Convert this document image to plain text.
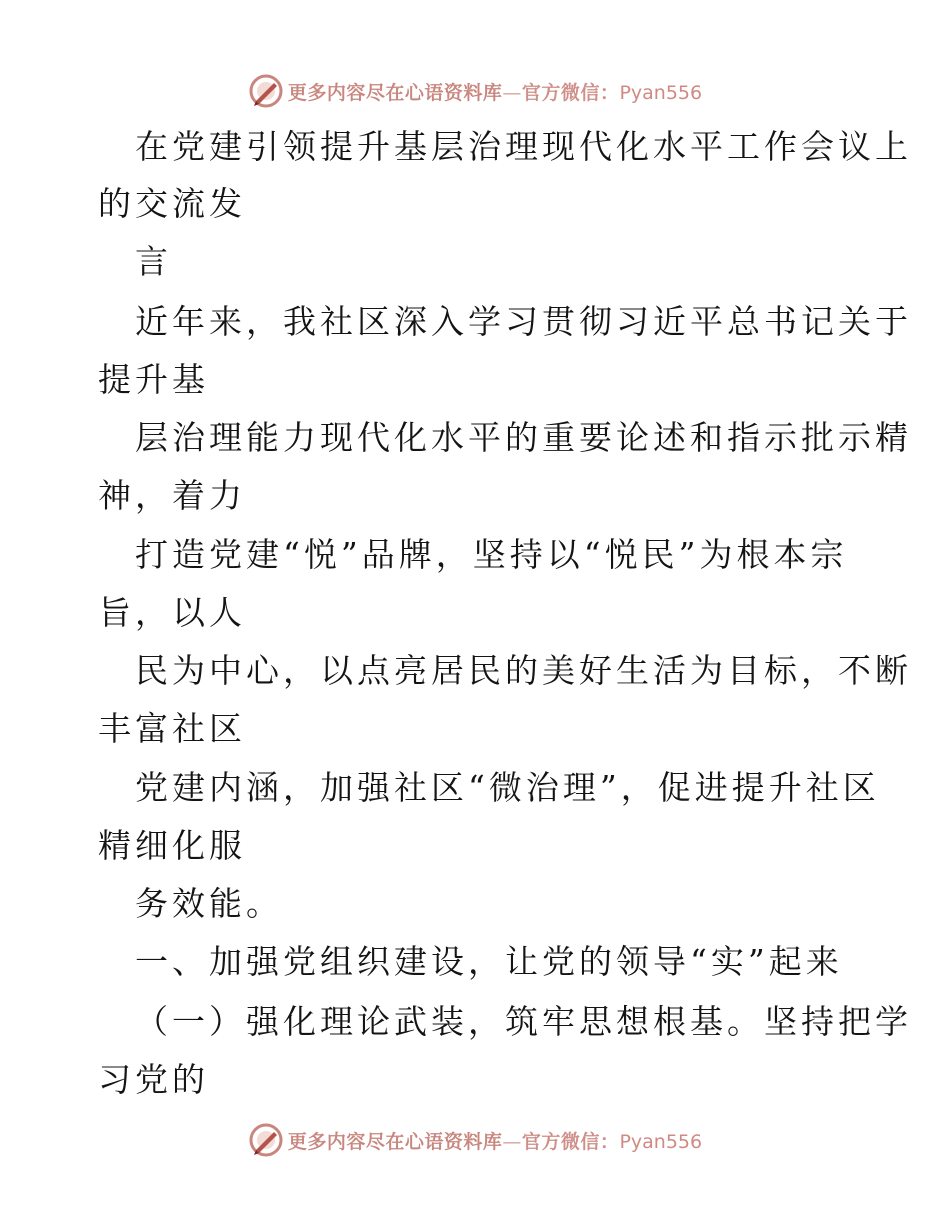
更多内容尽在心语资料库—官方微信：Pyan556
在党建引领提升基层治理现代化水平工作会议上
的交流发
言
近年来，我社区深入学习贯彻习近平总书记关于
提升基
层治理能力现代化水平的重要论述和指示批示精
神，着力
打造党建“悦”品牌，坚持以“悦民”为根本宗
旨，以人
民为中心，以点亮居民的美好生活为目标，不断
丰富社区
党建内涵，加强社区“微治理”，促进提升社区
精细化服
务效能。
一、加强党组织建设，让党的领导“实”起来
（一）强化理论武装，筑牢思想根基。坚持把学
习党的
更多内容尽在心语资料库—官方微信：Pyan556
